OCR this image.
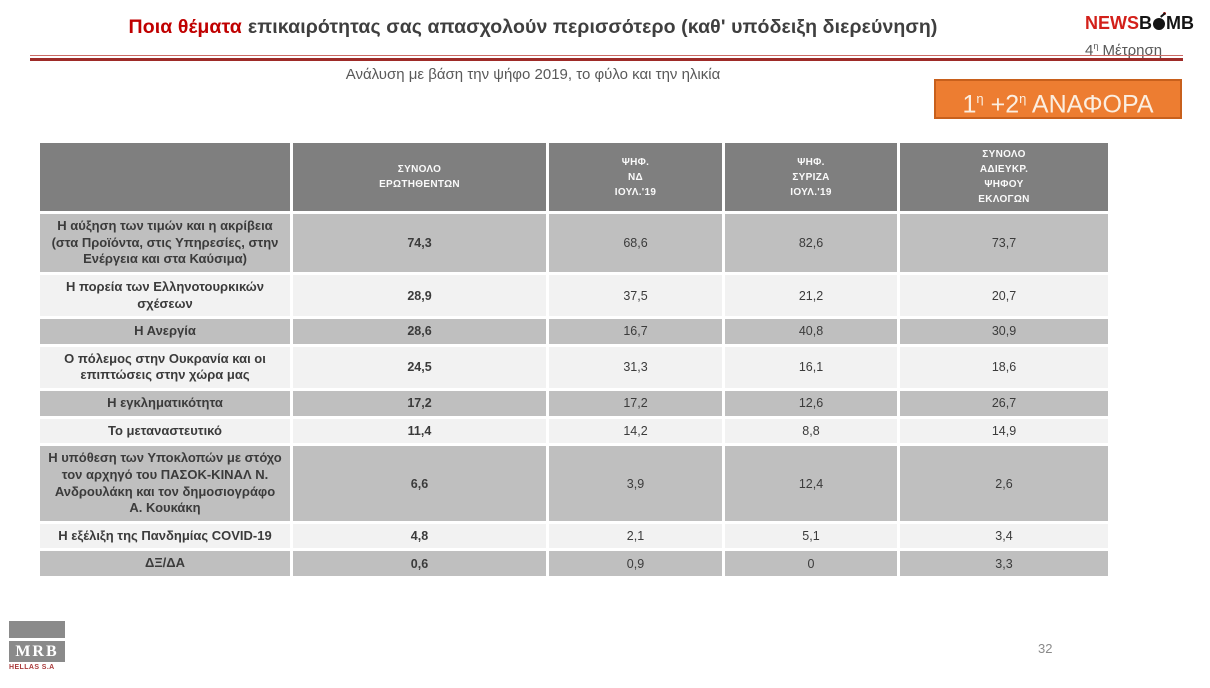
Ποια θέματα επικαιρότητας σας απασχολούν περισσότερο (καθ' υπόδειξη διερεύνηση)	NEWSB MB
$4^\eta$ Μέτρηση
Ανάλυση με βάση την ψήφο 2019, το φύλο και την ηλικία
$1^\eta +2^\eta$ ΑΝΑΦΟΡΑ

ΣΥΝΟΛΟ
ΕΡΩΤΗΘΕΝΤΩΝ

ΨΗΦ.
ΝΔ
ΙΟΥΛ.'19

ΨΗΦ.
ΣΥΡΙΖΑ
ΙΟΥΛ.'19

ΣΥΝΟΛΟ
ΑΔΙΕΥΚΡ.
ΨΗΦΟΥ
ΕΚΛΟΓΩΝ

Η αύξηση των τιμών και η ακρίβεια (στα Προϊόντα, στις Υπηρεσίες, στην Ενέργεια και στα Καύσιμα)	74,3	68,6	82,6	73,7
Η πορεία των Ελληνοτουρκικών σχέσεων	28,9	37,5	21,2	20,7
Η Ανεργία	28,6	16,7	40,8	30,9
Ο πόλεμος στην Ουκρανία και οι επιπτώσεις στην χώρα μας	24,5	31,3	16,1	18,6
Η εγκληματικότητα	17,2	17,2	12,6	26,7
Το μεταναστευτικό	11,4	14,2	8,8	14,9
Η υπόθεση των Υποκλοπών με στόχο τον αρχηγό του ΠΑΣΟΚ-ΚΙΝΑΛ Ν. Ανδρουλάκη και τον δημοσιογράφο Α. Κουκάκη	6,6	3,9	12,4	2,6
Η εξέλιξη της Πανδημίας COVID-19	4,8	2,1	5,1	3,4
ΔΞ/ΔΑ	0,6	0,9	0	3,3
MRB
HELLAS S.A
32
